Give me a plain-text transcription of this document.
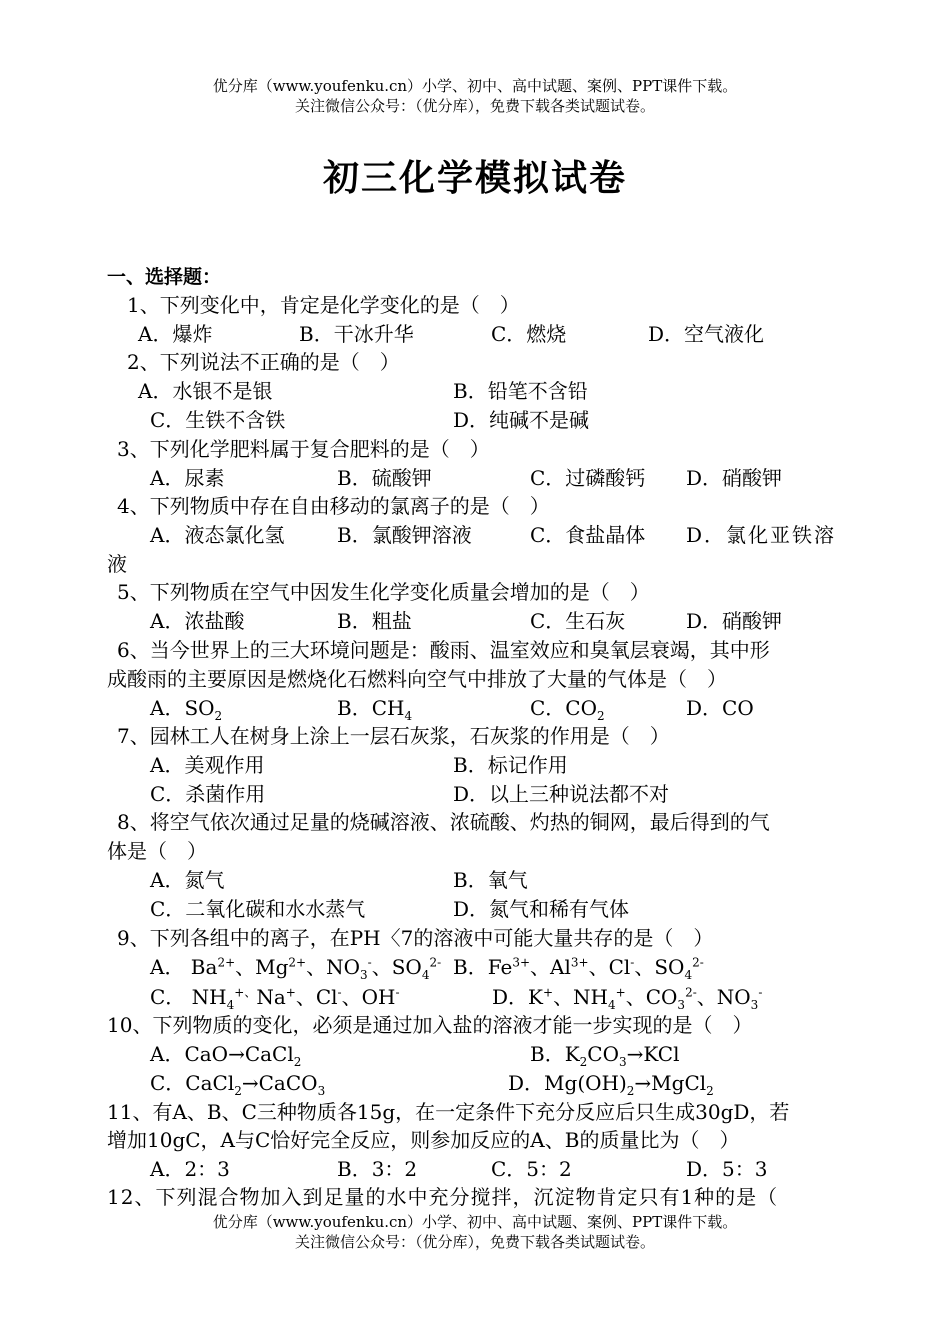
优分库（www.youfenku.cn）小学、初中、高中试题、案例、PPT课件下载。
关注微信公众号：（优分库），免费下载各类试题试卷。
初三化学模拟试卷
一、选择题：
1、下列变化中，肯定是化学变化的是（　）
A．爆炸	B．干冰升华	C．燃烧	D．空气液化
2、下列说法不正确的是（　）
A．水银不是银	B．铅笔不含铅
C．生铁不含铁	D．纯碱不是碱
3、下列化学肥料属于复合肥料的是（　）
A．尿素	B．硫酸钾	C．过磷酸钙 D．硝酸钾
4、下列物质中存在自由移动的氯离子的是（　）
A．液态氯化氢	B．氯酸钾溶液	C．食盐晶体 D．氯化亚铁溶
液
5、下列物质在空气中因发生化学变化质量会增加的是（　）
A．浓盐酸	B．粗盐	C．生石灰	D．硝酸钾
6、当今世界上的三大环境问题是：酸雨、温室效应和臭氧层衰竭，其中形
成酸雨的主要原因是燃烧化石燃料向空气中排放了大量的气体是（　）
A．$SO_2$	B．$CH_4$	C．$CO_2$	D．CO
7、园林工人在树身上涂上一层石灰浆，石灰浆的作用是（　）
A．美观作用	B．标记作用
C．杀菌作用	D．以上三种说法都不对
8、将空气依次通过足量的烧碱溶液、浓硫酸、灼热的铜网，最后得到的气
体是（　）
A．氮气	B．氧气
C．二氧化碳和水水蒸气	D．氮气和稀有气体
9、下列各组中的离子，在PH〈7的溶液中可能大量共存的是（　）
A． $Ba^{2+}$、$Mg^{2+}$、$NO_3^-$、$SO_4^{2-}$ B．$Fe^{3+}$、$Al^{3+}$、Cl-、$SO_4^{2-}$
C． $NH_4^{+、}Na^+$、Cl-、OH-	D．K+、$NH_4^+$、$CO_3^{2-}$、$NO_3^-$
10、下列物质的变化，必须是通过加入盐的溶液才能一步实现的是（　）
A．CaO→CaCl$_2$	B．$K_2CO_3\to KCl$
C．CaCl$_2$→CaCO$_3$	D．$Mg(OH)_2\to MgCl_2$
11、有A、B、C三种物质各15g，在一定条件下充分反应后只生成30gD，若
增加10gC，A与C恰好完全反应，则参加反应的A、B的质量比为（　）
A．2：3	B．3：2	C．5：2	D．5：3
12、下列混合物加入到足量的水中充分搅拌，沉淀物肯定只有1种的是（
优分库（www.youfenku.cn）小学、初中、高中试题、案例、PPT课件下载。
关注微信公众号：（优分库），免费下载各类试题试卷。
